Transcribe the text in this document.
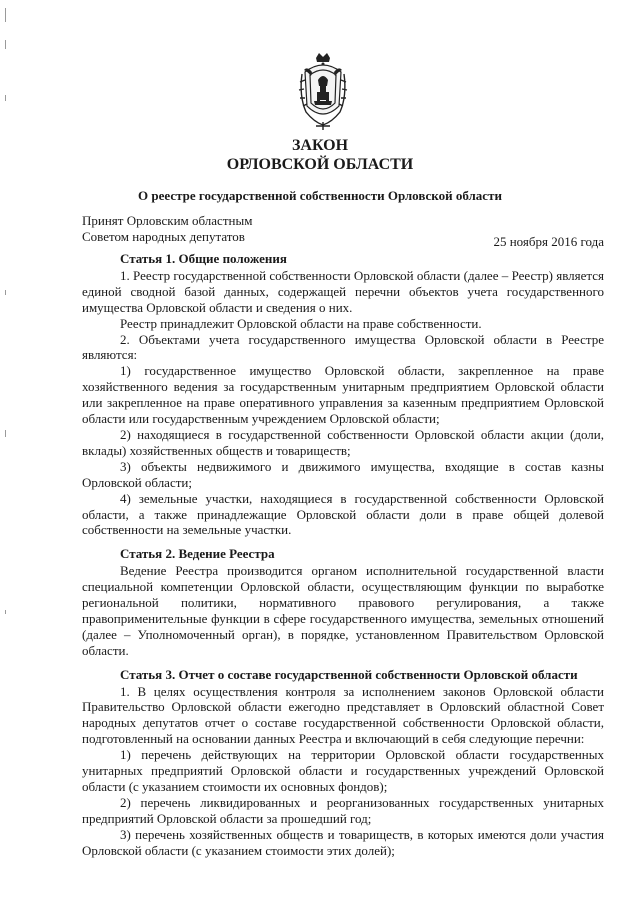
ЗАКОН
ОРЛОВСКОЙ ОБЛАСТИ
О реестре государственной собственности Орловской области
Принят Орловским областным
Советом народных депутатов	25 ноября 2016 года
Статья 1. Общие положения

1. Реестр государственной собственности Орловской области (далее – Реестр) является единой сводной базой данных, содержащей перечни объектов учета государственного имущества Орловской области и сведения о них.

Реестр принадлежит Орловской области на праве собственности.

2. Объектами учета государственного имущества Орловской области в Реестре являются:

1) государственное имущество Орловской области, закрепленное на праве хозяйственного ведения за государственным унитарным предприятием Орловской области или закрепленное на праве оперативного управления за казенным предприятием Орловской области или государственным учреждением Орловской области;

2) находящиеся в государственной собственности Орловской области акции (доли, вклады) хозяйственных обществ и товариществ;

3) объекты недвижимого и движимого имущества, входящие в состав казны Орловской области;

4) земельные участки, находящиеся в государственной собственности Орловской области, а также принадлежащие Орловской области доли в праве общей долевой собственности на земельные участки.

Статья 2. Ведение Реестра

Ведение Реестра производится органом исполнительной государственной власти специальной компетенции Орловской области, осуществляющим функции по выработке региональной политики, нормативного правового регулирования, а также правоприменительные функции в сфере государственного имущества, земельных отношений (далее – Уполномоченный орган), в порядке, установленном Правительством Орловской области.

Статья 3. Отчет о составе государственной собственности Орловской области

1. В целях осуществления контроля за исполнением законов Орловской области Правительство Орловской области ежегодно представляет в Орловский областной Совет народных депутатов отчет о составе государственной собственности Орловской области, подготовленный на основании данных Реестра и включающий в себя следующие перечни:

1) перечень действующих на территории Орловской области государственных унитарных предприятий Орловской области и государственных учреждений Орловской области (с указанием стоимости их основных фондов);

2) перечень ликвидированных и реорганизованных государственных унитарных предприятий Орловской области за прошедший год;

3) перечень хозяйственных обществ и товариществ, в которых имеются доли участия Орловской области (с указанием стоимости этих долей);
